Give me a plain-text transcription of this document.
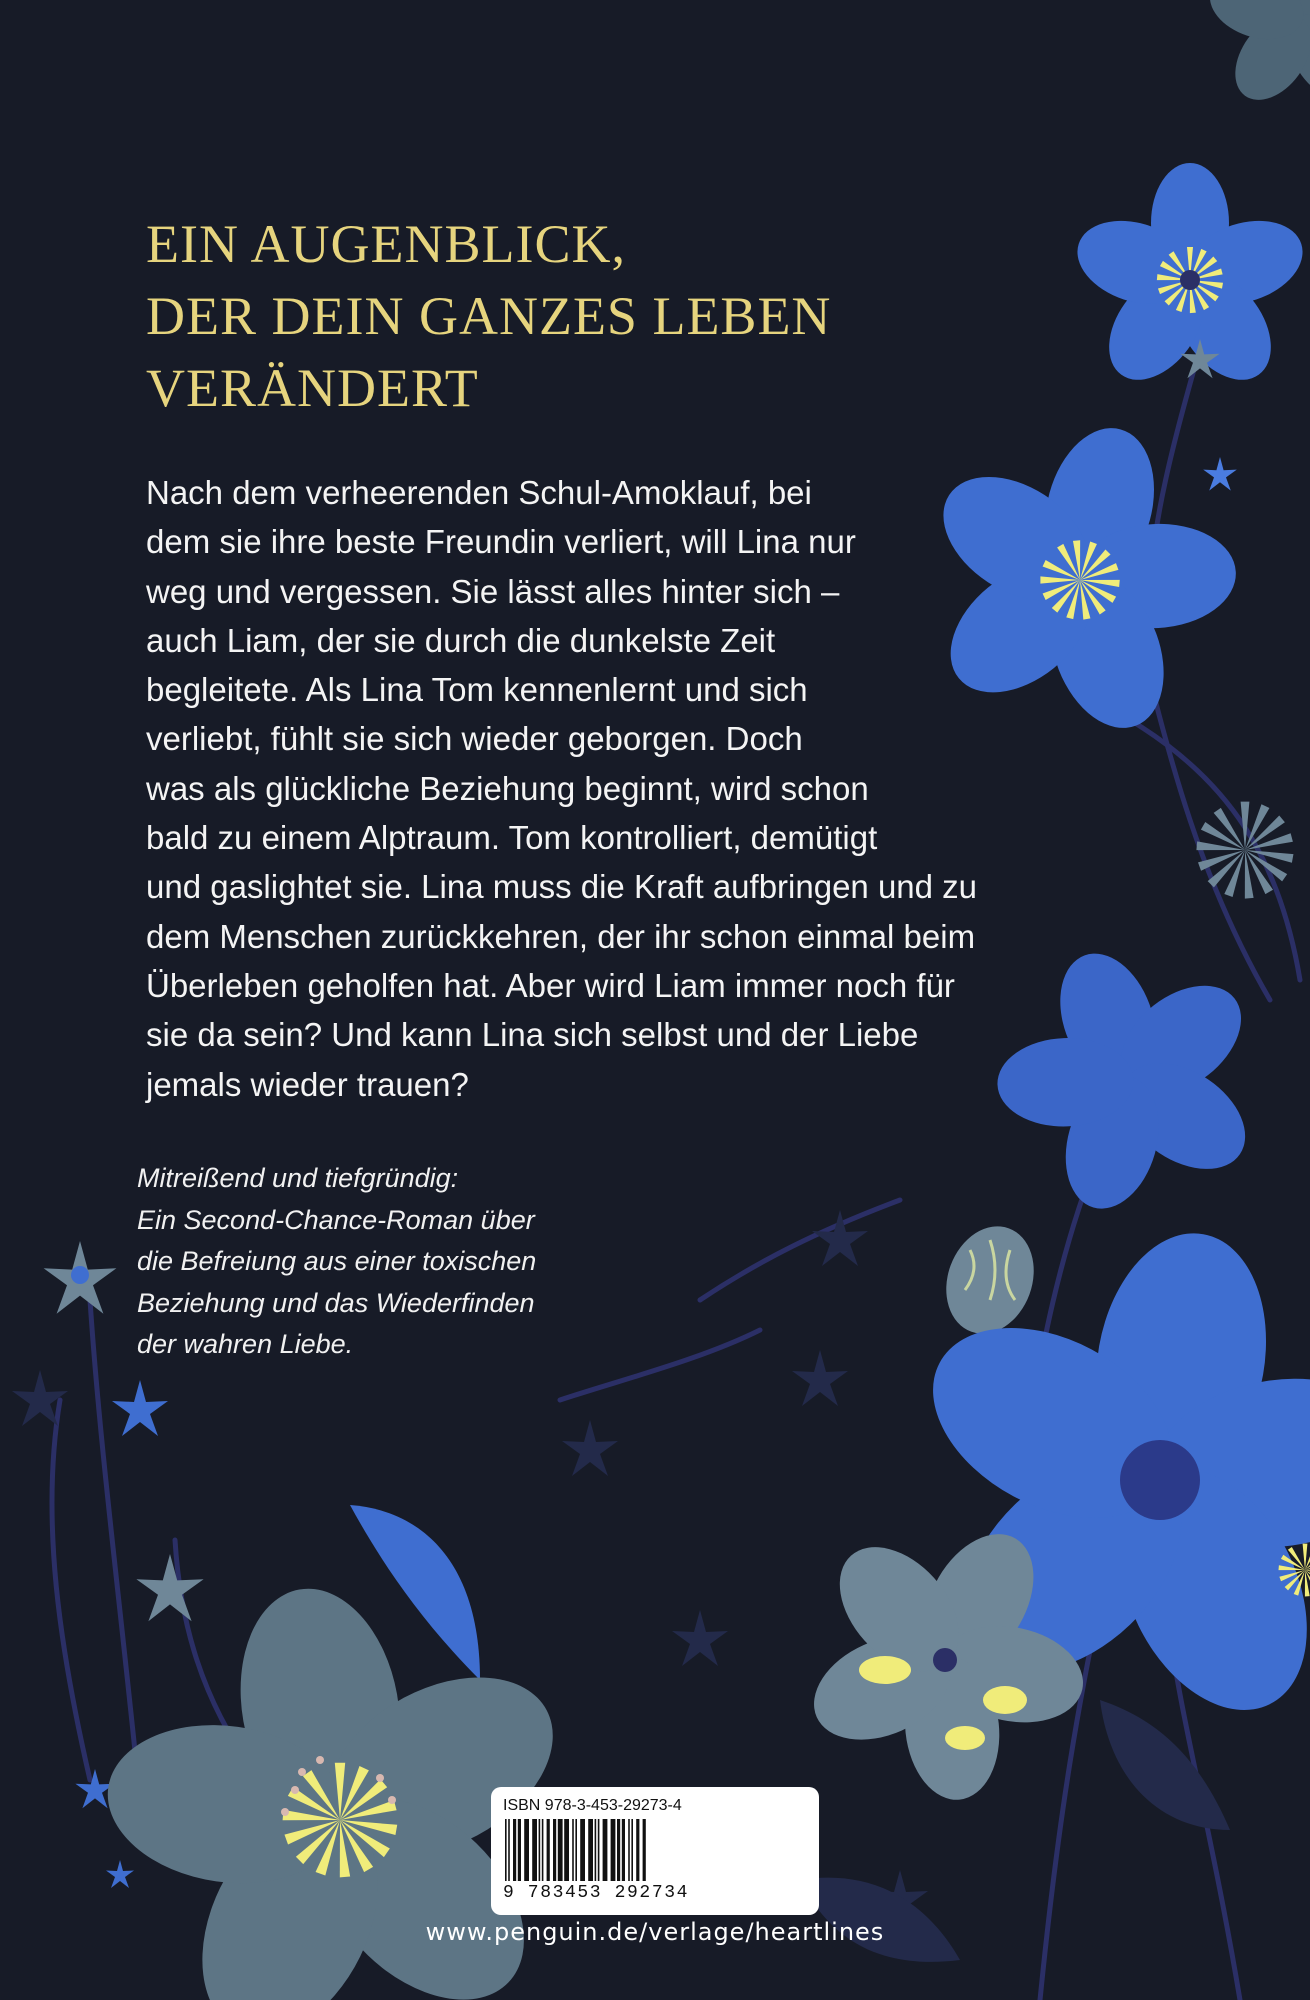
EIN AUGENBLICK,
DER DEIN GANZES LEBEN
VERÄNDERT
Nach dem verheerenden Schul-Amoklauf, bei
dem sie ihre beste Freundin verliert, will Lina nur
weg und vergessen. Sie lässt alles hinter sich –
auch Liam, der sie durch die dunkelste Zeit
begleitete. Als Lina Tom kennenlernt und sich
verliebt, fühlt sie sich wieder geborgen. Doch
was als glückliche Beziehung beginnt, wird schon
bald zu einem Alptraum. Tom kontrolliert, demütigt
und gaslightet sie. Lina muss die Kraft aufbringen und zu
dem Menschen zurückkehren, der ihr schon einmal beim
Überleben geholfen hat. Aber wird Liam immer noch für
sie da sein? Und kann Lina sich selbst und der Liebe
jemals wieder trauen?
Mitreißend und tiefgründig:
Ein Second-Chance-Roman über
die Befreiung aus einer toxischen
Beziehung und das Wiederfinden
der wahren Liebe.
ISBN 978-3-453-29273-4
9 783453 292734
www.penguin.de/verlage/heartlines
